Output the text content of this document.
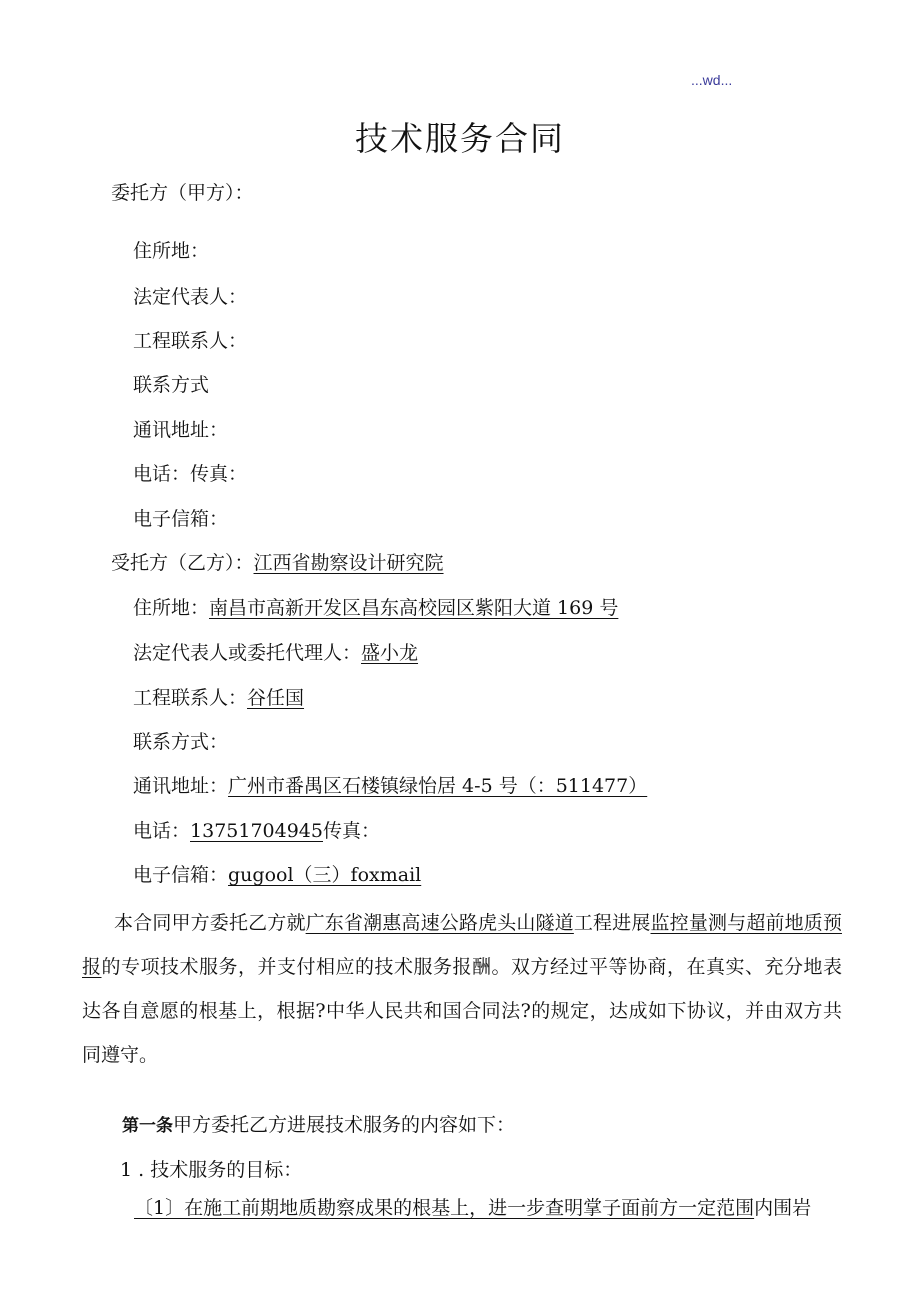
...wd...
技术服务合同
委托方（甲方）：
住所地：
法定代表人：
工程联系人：
联系方式
通讯地址：
电话：传真：
电子信箱：
受托方（乙方）：江西省勘察设计研究院
住所地：南昌市高新开发区昌东高校园区紫阳大道 169 号
法定代表人或委托代理人：盛小龙
工程联系人：谷任国
联系方式：
通讯地址：广州市番禺区石楼镇绿怡居 4-5 号（：511477）
电话：13751704945传真：
电子信箱：gugool（三）foxmail
本合同甲方委托乙方就广东省潮惠高速公路虎头山隧道工程进展监控量测与超前地质预报的专项技术服务，并支付相应的技术服务报酬。双方经过平等协商，在真实、充分地表达各自意愿的根基上，根据?中华人民共和国合同法?的规定，达成如下协议，并由双方共同遵守。
第一条甲方委托乙方进展技术服务的内容如下：
1 . 技术服务的目标：
〔1〕在施工前期地质勘察成果的根基上，进一步查明掌子面前方一定范围内围岩
